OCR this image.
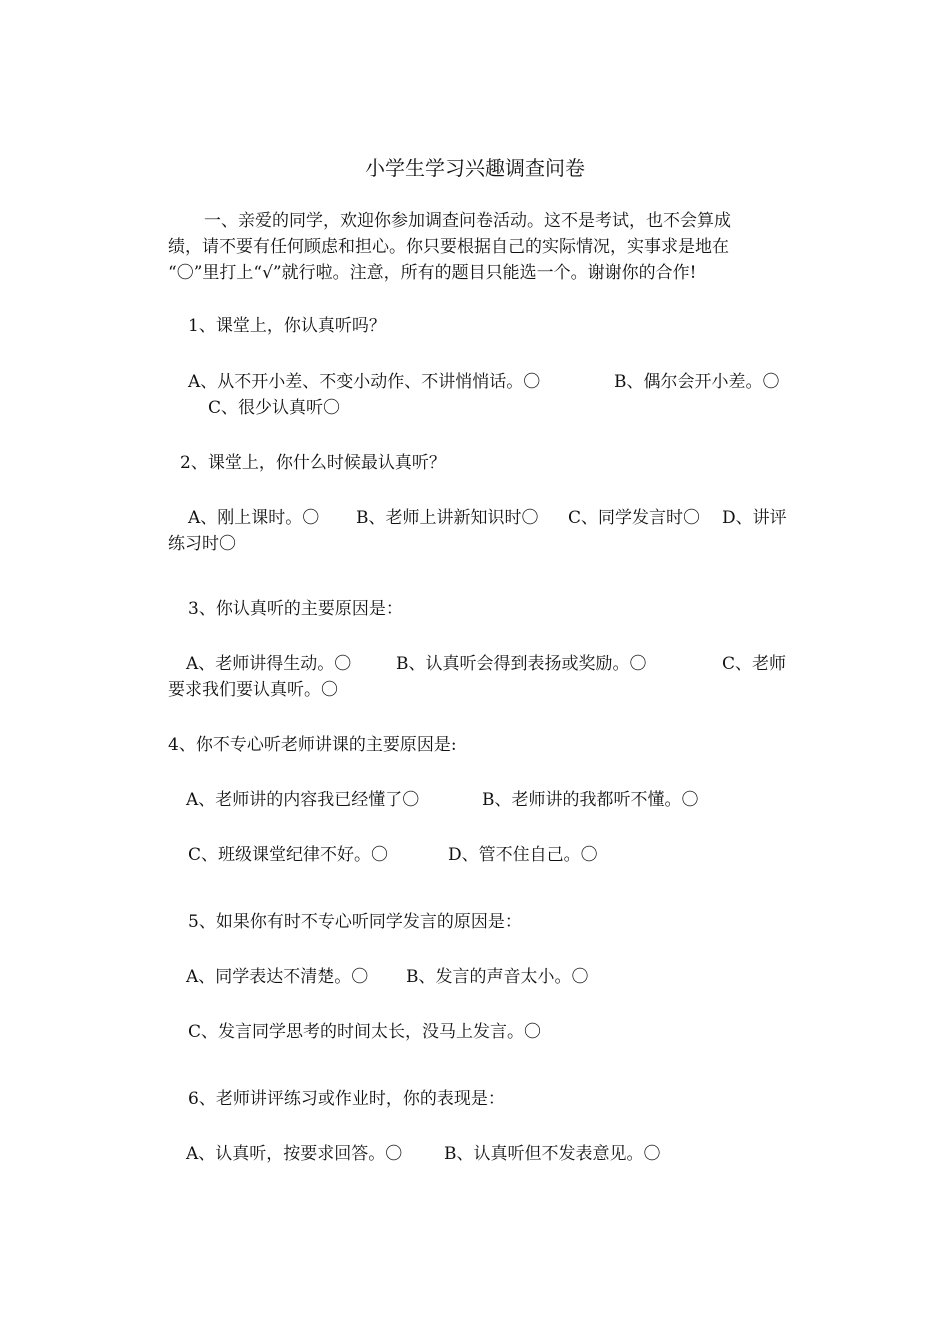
小学生学习兴趣调查问卷
一、亲爱的同学，欢迎你参加调查问卷活动。这不是考试，也不会算成
绩，请不要有任何顾虑和担心。你只要根据自己的实际情况，实事求是地在
“〇”里打上“√”就行啦。注意，所有的题目只能选一个。谢谢你的合作!
1、课堂上，你认真听吗？
A、从不开小差、不变小动作、不讲悄悄话。〇	B、偶尔会开小差。〇
C、很少认真听〇
2、课堂上，你什么时候最认真听？
A、刚上课时。〇 B、老师上讲新知识时〇 C、同学发言时〇 D、讲评
练习时〇
3、你认真听的主要原因是：
A、老师讲得生动。〇	B、认真听会得到表扬或奖励。〇	C、老师
要求我们要认真听。〇
4、你不专心听老师讲课的主要原因是:
A、老师讲的内容我已经懂了〇	B、老师讲的我都听不懂。〇
C、班级课堂纪律不好。〇	D、管不住自己。〇
5、如果你有时不专心听同学发言的原因是：
A、同学表达不清楚。〇 B、发言的声音太小。〇
C、发言同学思考的时间太长，没马上发言。〇
6、老师讲评练习或作业时，你的表现是：
A、认真听，按要求回答。〇 B、认真听但不发表意见。〇
